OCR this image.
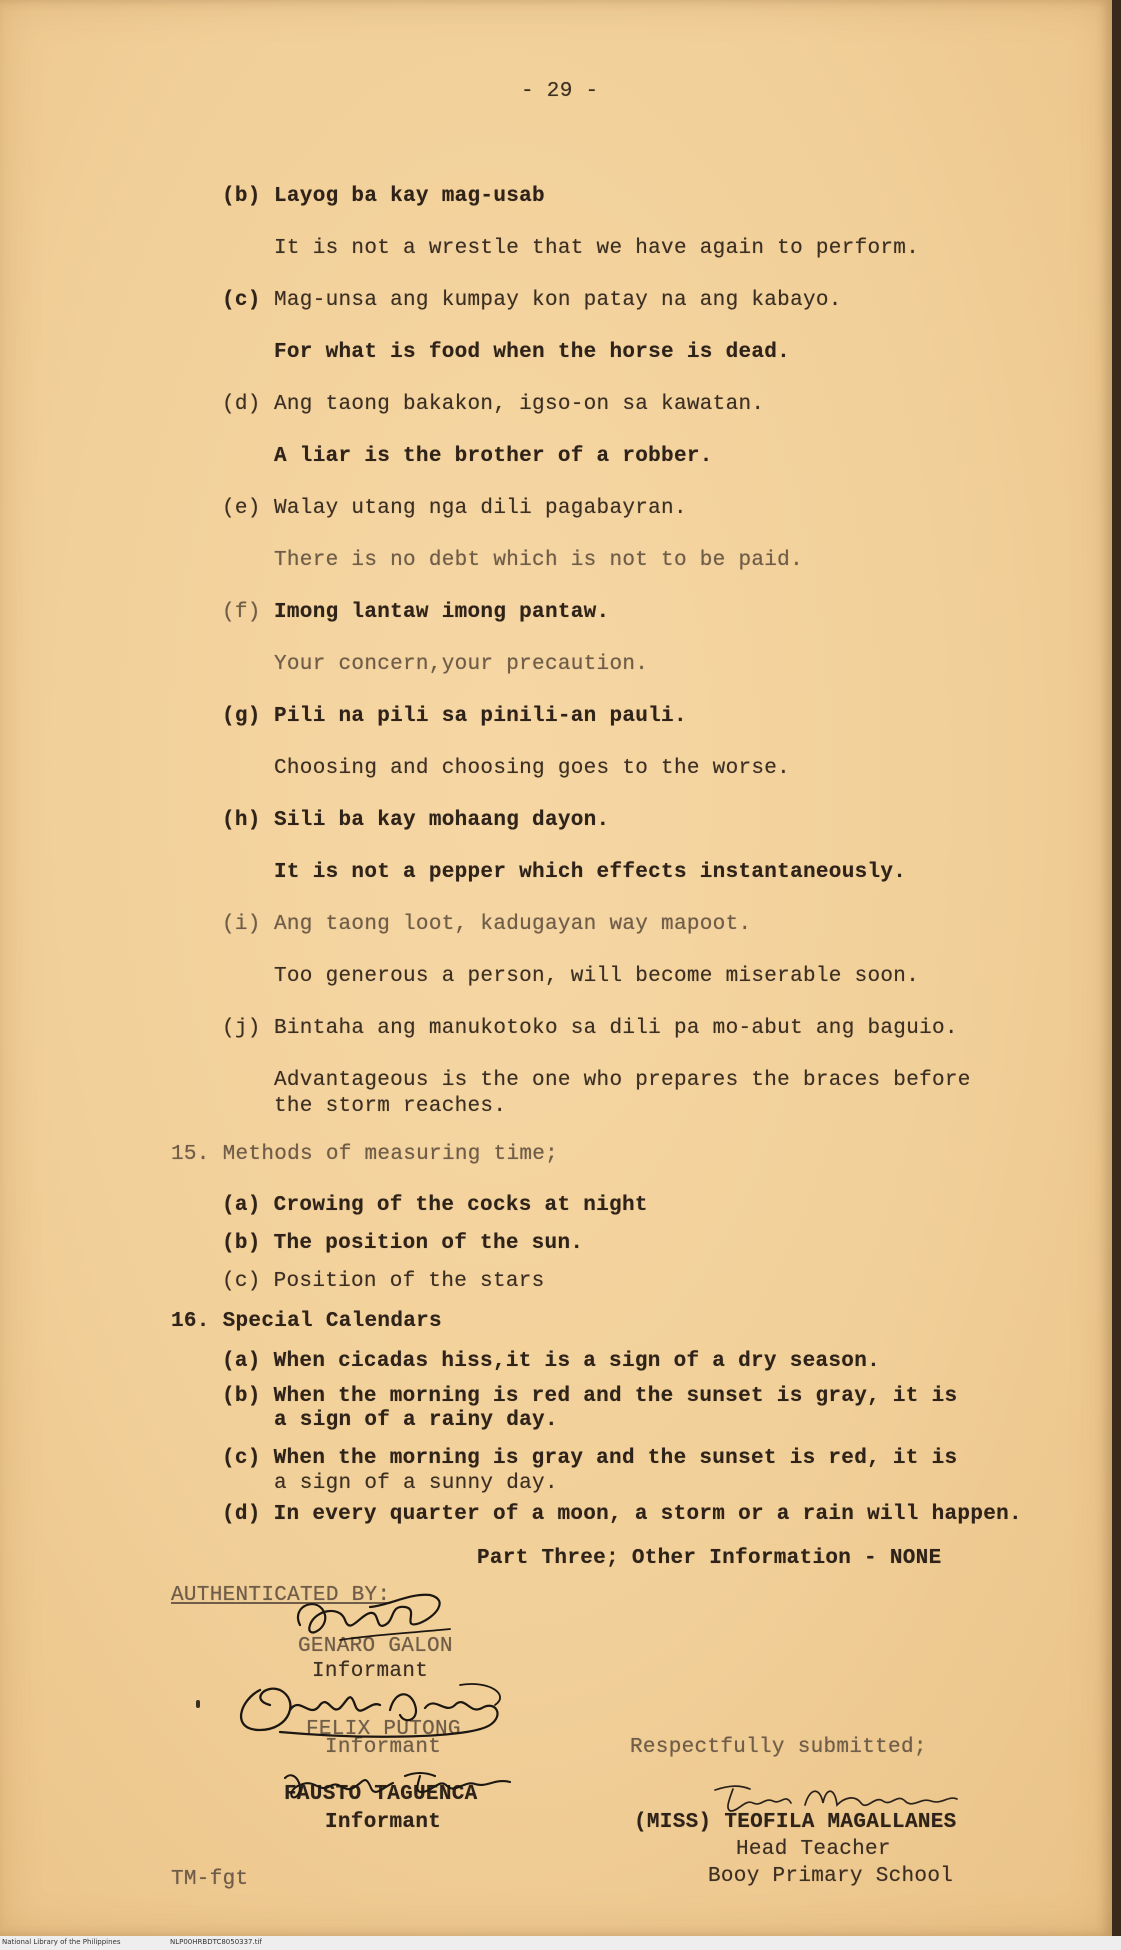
- 29 -
(b) Layog ba kay mag-usab
It is not a wrestle that we have again to perform.
(c) Mag-unsa ang kumpay kon patay na ang kabayo.
For what is food when the horse is dead.
(d) Ang taong bakakon, igso-on sa kawatan.
A liar is the brother of a robber.
(e) Walay utang nga dili pagabayran.
There is no debt which is not to be paid.
(f) Imong lantaw imong pantaw.
Your concern,your precaution.
(g) Pili na pili sa pinili-an pauli.
Choosing and choosing goes to the worse.
(h) Sili ba kay mohaang dayon.
It is not a pepper which effects instantaneously.
(i) Ang taong loot, kadugayan way mapoot.
Too generous a person, will become miserable soon.
(j) Bintaha ang manukotoko sa dili pa mo-abut ang baguio.
Advantageous is the one who prepares the braces before
the storm reaches.
15. Methods of measuring time;
(a) Crowing of the cocks at night
(b) The position of the sun.
(c) Position of the stars
16. Special Calendars
(a) When cicadas hiss,it is a sign of a dry season.
(b) When the morning is red and the sunset is gray, it is
a sign of a rainy day.
(c) When the morning is gray and the sunset is red, it is
a sign of a sunny day.
(d) In every quarter of a moon, a storm or a rain will happen.
Part Three; Other Information - NONE
AUTHENTICATED BY:
GENARO GALON
Informant
FELIX PUTONG
Informant
FAUSTO TAGUENCA
Informant
Respectfully submitted;
(MISS) TEOFILA MAGALLANES
Head Teacher
Booy Primary School
TM-fgt
National Library of the Philippines	NLP00HRBDTC8050337.tif
